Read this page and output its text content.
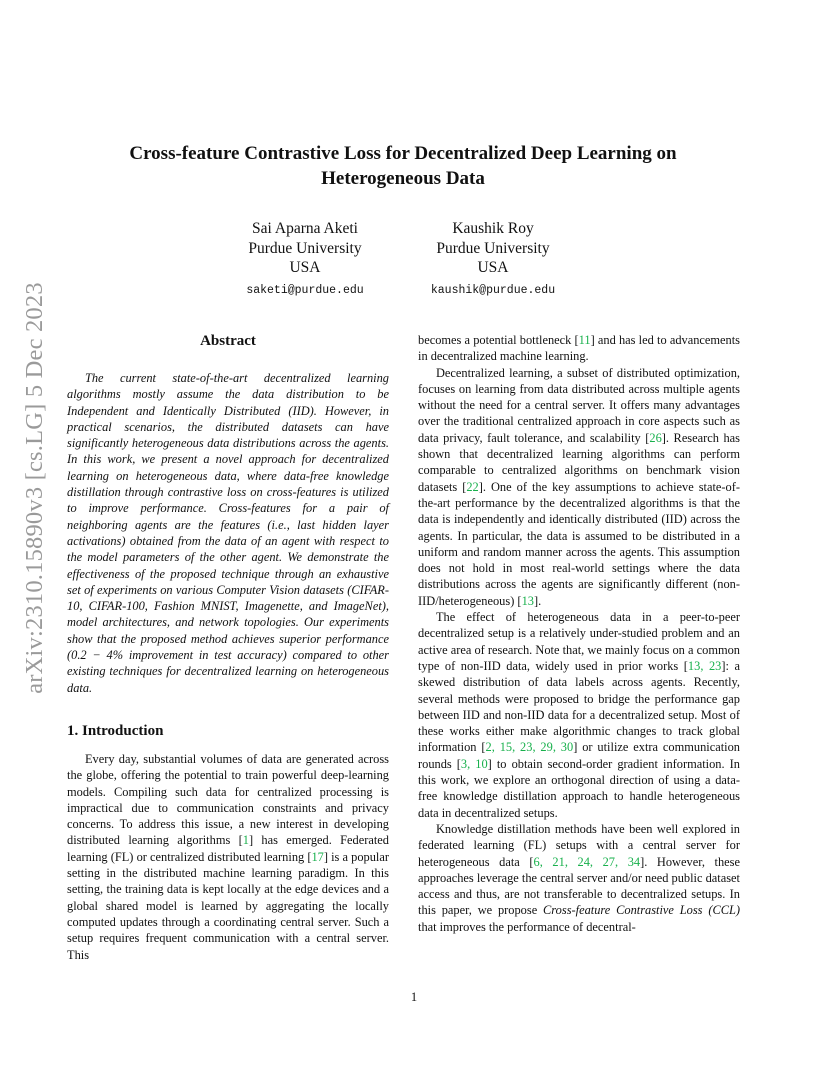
arXiv:2310.15890v3 [cs.LG] 5 Dec 2023
Cross-feature Contrastive Loss for Decentralized Deep Learning on Heterogeneous Data
Sai Aparna Aketi
Purdue University
USA
saketi@purdue.edu
Kaushik Roy
Purdue University
USA
kaushik@purdue.edu
Abstract

The current state-of-the-art decentralized learning algorithms mostly assume the data distribution to be Independent and Identically Distributed (IID). However, in practical scenarios, the distributed datasets can have significantly heterogeneous data distributions across the agents. In this work, we present a novel approach for decentralized learning on heterogeneous data, where data-free knowledge distillation through contrastive loss on cross-features is utilized to improve performance. Cross-features for a pair of neighboring agents are the features (i.e., last hidden layer activations) obtained from the data of an agent with respect to the model parameters of the other agent. We demonstrate the effectiveness of the proposed technique through an exhaustive set of experiments on various Computer Vision datasets (CIFAR-10, CIFAR-100, Fashion MNIST, Imagenette, and ImageNet), model architectures, and network topologies. Our experiments show that the proposed method achieves superior performance (0.2 − 4% improvement in test accuracy) compared to other existing techniques for decentralized learning on heterogeneous data.

1. Introduction

Every day, substantial volumes of data are generated across the globe, offering the potential to train powerful deep-learning models. Compiling such data for centralized processing is impractical due to communication constraints and privacy concerns. To address this issue, a new interest in developing distributed learning algorithms [1] has emerged. Federated learning (FL) or centralized distributed learning [17] is a popular setting in the distributed machine learning paradigm. In this setting, the training data is kept locally at the edge devices and a global shared model is learned by aggregating the locally computed updates through a coordinating central server. Such a setup requires frequent communication with a central server. This

becomes a potential bottleneck [11] and has led to advancements in decentralized machine learning.

Decentralized learning, a subset of distributed optimization, focuses on learning from data distributed across multiple agents without the need for a central server. It offers many advantages over the traditional centralized approach in core aspects such as data privacy, fault tolerance, and scalability [26]. Research has shown that decentralized learning algorithms can perform comparable to centralized algorithms on benchmark vision datasets [22]. One of the key assumptions to achieve state-of-the-art performance by the decentralized algorithms is that the data is independently and identically distributed (IID) across the agents. In particular, the data is assumed to be distributed in a uniform and random manner across the agents. This assumption does not hold in most real-world settings where the data distributions across the agents are significantly different (non-IID/heterogeneous) [13].

The effect of heterogeneous data in a peer-to-peer decentralized setup is a relatively under-studied problem and an active area of research. Note that, we mainly focus on a common type of non-IID data, widely used in prior works [13, 23]: a skewed distribution of data labels across agents. Recently, several methods were proposed to bridge the performance gap between IID and non-IID data for a decentralized setup. Most of these works either make algorithmic changes to track global information [2, 15, 23, 29, 30] or utilize extra communication rounds [3, 10] to obtain second-order gradient information. In this work, we explore an orthogonal direction of using a data-free knowledge distillation approach to handle heterogeneous data in decentralized setups.

Knowledge distillation methods have been well explored in federated learning (FL) setups with a central server for heterogeneous data [6, 21, 24, 27, 34]. However, these approaches leverage the central server and/or need public dataset access and thus, are not transferable to decentralized setups. In this paper, we propose Cross-feature Contrastive Loss (CCL) that improves the performance of decentral-

1
